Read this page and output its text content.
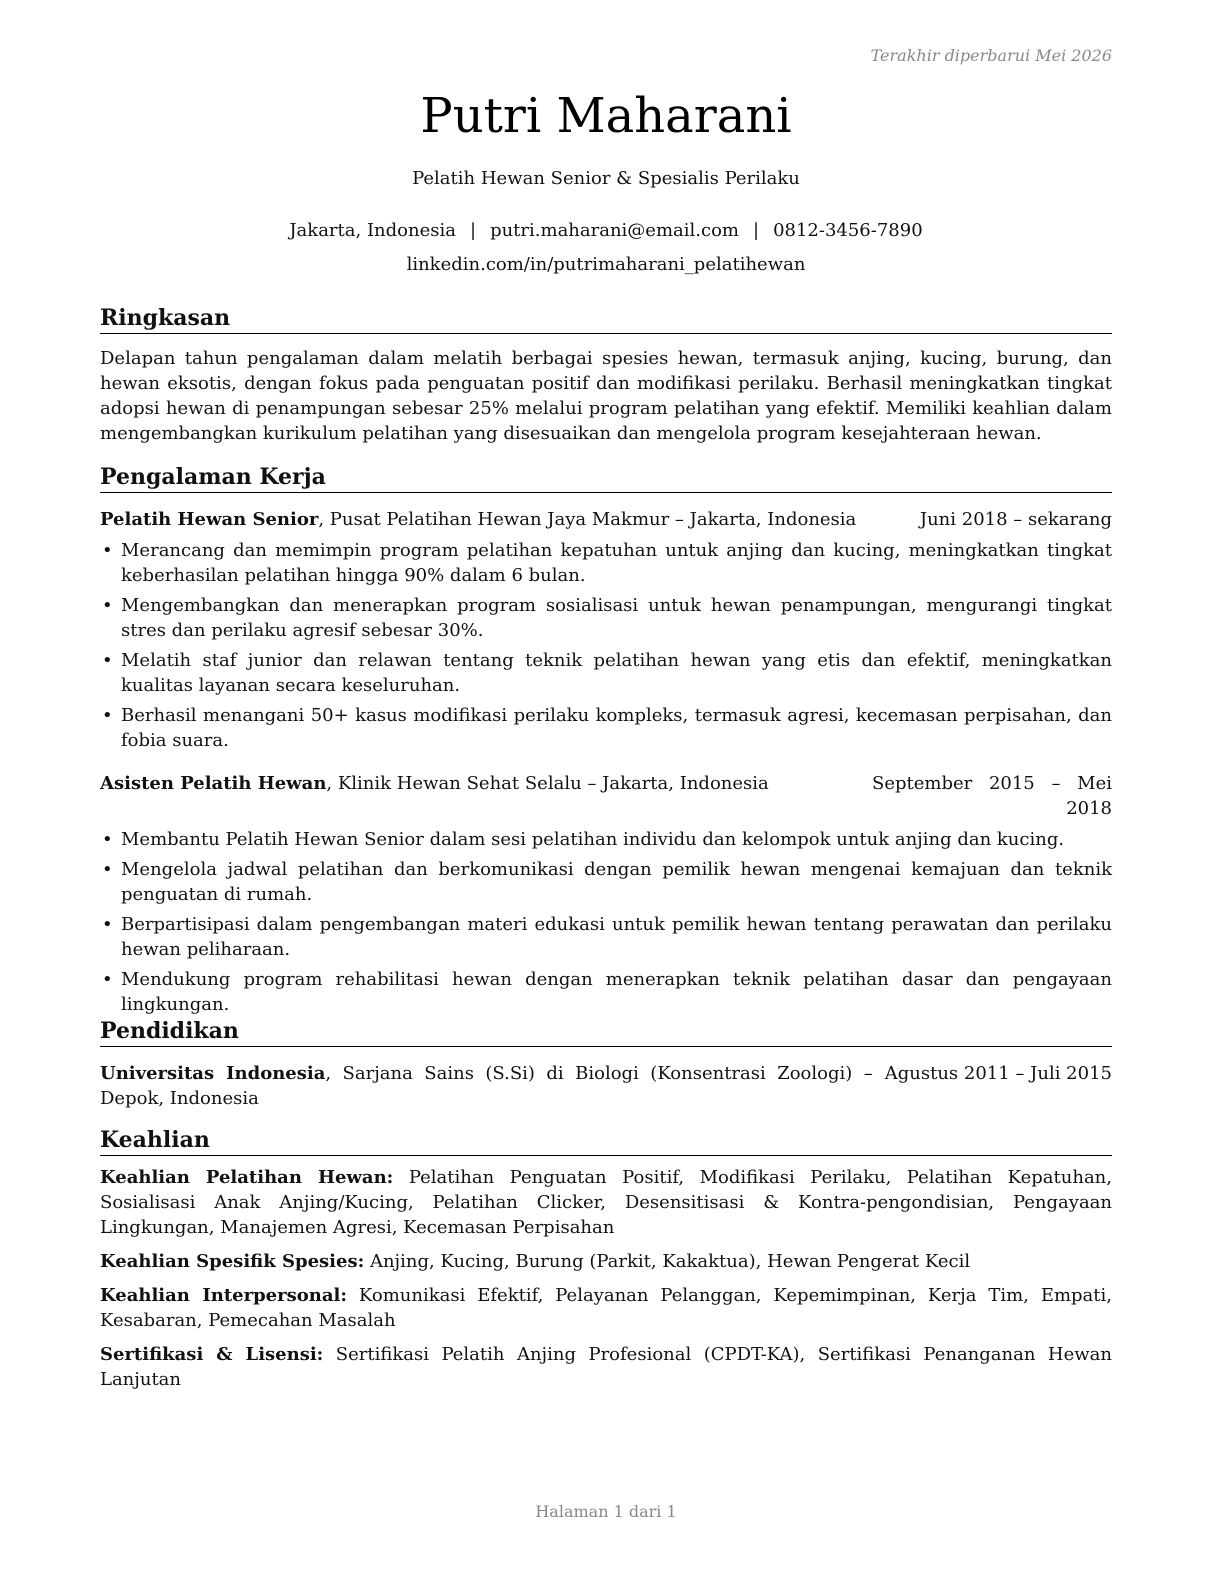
Terakhir diperbarui Mei 2026
Putri Maharani
Pelatih Hewan Senior & Spesialis Perilaku
Jakarta, Indonesia | putri.maharani@email.com | 0812-3456-7890
linkedin.com/in/putrimaharani_pelatihewan
Ringkasan
Delapan tahun pengalaman dalam melatih berbagai spesies hewan, termasuk anjing, kucing, burung, dan hewan eksotis, dengan fokus pada penguatan positif dan modifikasi perilaku. Berhasil meningkatkan tingkat adopsi hewan di penampungan sebesar 25% melalui program pelatihan yang efektif. Memiliki keahlian dalam mengembangkan kurikulum pelatihan yang disesuaikan dan mengelola program kesejahteraan hewan.
Pengalaman Kerja
Pelatih Hewan Senior, Pusat Pelatihan Hewan Jaya Makmur – Jakarta, Indonesia	Juni 2018 – sekarang
• Merancang dan memimpin program pelatihan kepatuhan untuk anjing dan kucing, meningkatkan tingkat keberhasilan pelatihan hingga 90% dalam 6 bulan.
• Mengembangkan dan menerapkan program sosialisasi untuk hewan penampungan, mengurangi tingkat stres dan perilaku agresif sebesar 30%.
• Melatih staf junior dan relawan tentang teknik pelatihan hewan yang etis dan efektif, meningkatkan kualitas layanan secara keseluruhan.
• Berhasil menangani 50+ kasus modifikasi perilaku kompleks, termasuk agresi, kecemasan perpisahan, dan fobia suara.
Asisten Pelatih Hewan, Klinik Hewan Sehat Selalu – Jakarta, Indonesia	September 2015 – Mei 2018
• Membantu Pelatih Hewan Senior dalam sesi pelatihan individu dan kelompok untuk anjing dan kucing.
• Mengelola jadwal pelatihan dan berkomunikasi dengan pemilik hewan mengenai kemajuan dan teknik penguatan di rumah.
• Berpartisipasi dalam pengembangan materi edukasi untuk pemilik hewan tentang perawatan dan perilaku hewan peliharaan.
• Mendukung program rehabilitasi hewan dengan menerapkan teknik pelatihan dasar dan pengayaan lingkungan.
Pendidikan
Universitas Indonesia, Sarjana Sains (S.Si) di Biologi (Konsentrasi Zoologi) – Depok, Indonesia
Agustus 2011 – Juli 2015
Keahlian
Keahlian Pelatihan Hewan: Pelatihan Penguatan Positif, Modifikasi Perilaku, Pelatihan Kepatuhan, Sosialisasi Anak Anjing/Kucing, Pelatihan Clicker, Desensitisasi & Kontra-pengondisian, Pengayaan Lingkungan, Manajemen Agresi, Kecemasan Perpisahan
Keahlian Spesifik Spesies: Anjing, Kucing, Burung (Parkit, Kakaktua), Hewan Pengerat Kecil
Keahlian Interpersonal: Komunikasi Efektif, Pelayanan Pelanggan, Kepemimpinan, Kerja Tim, Empati, Kesabaran, Pemecahan Masalah
Sertifikasi & Lisensi: Sertifikasi Pelatih Anjing Profesional (CPDT-KA), Sertifikasi Penanganan Hewan Lanjutan
Halaman 1 dari 1
